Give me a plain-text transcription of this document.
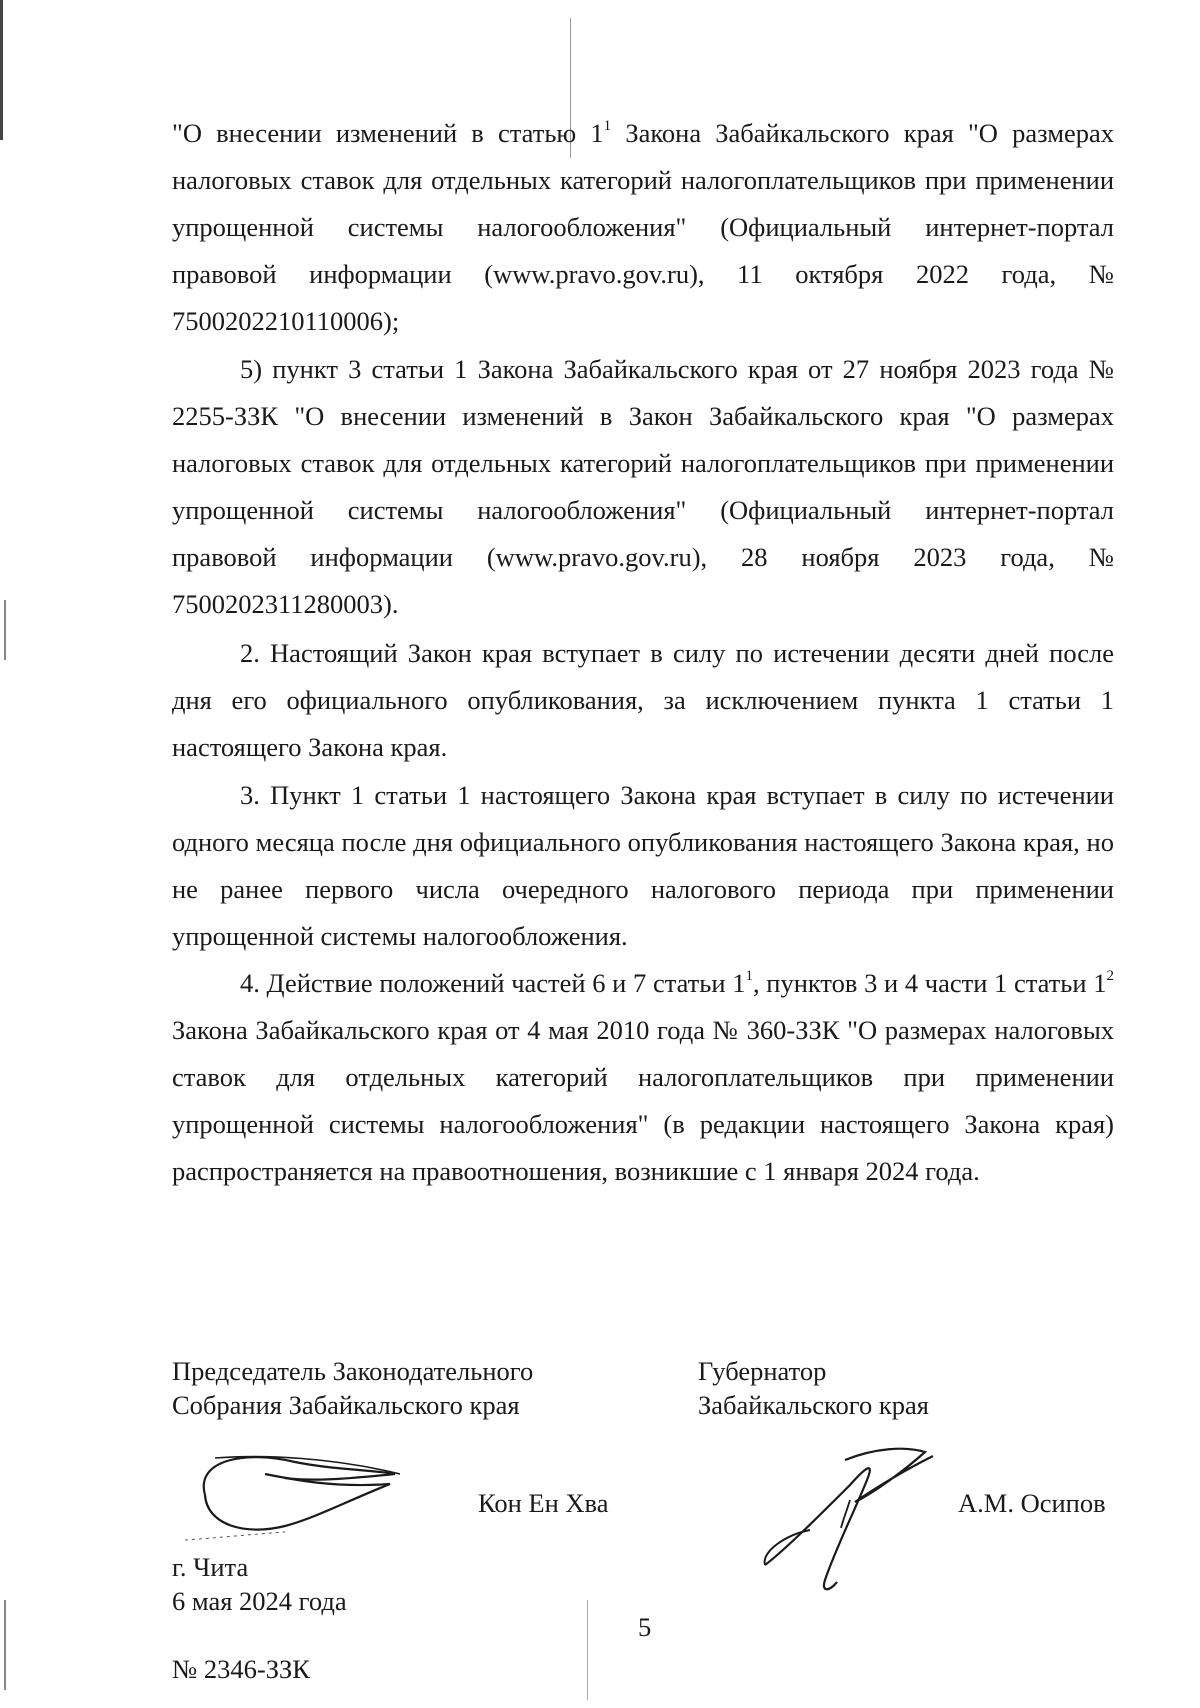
"О внесении изменений в статью $1^1$ Закона Забайкальского края "О размерах налоговых ставок для отдельных категорий налогоплательщиков при применении упрощенной системы налогообложения" (Официальный интернет-портал правовой информации (www.pravo.gov.ru), 11 октября 2022 года, № 7500202210110006);

5) пункт 3 статьи 1 Закона Забайкальского края от 27 ноября 2023 года № 2255-ЗЗК "О внесении изменений в Закон Забайкальского края "О размерах налоговых ставок для отдельных категорий налогоплательщиков при применении упрощенной системы налогообложения" (Официальный интернет-портал правовой информации (www.pravo.gov.ru), 28 ноября 2023 года, № 7500202311280003).

2. Настоящий Закон края вступает в силу по истечении десяти дней после дня его официального опубликования, за исключением пункта 1 статьи 1 настоящего Закона края.

3. Пункт 1 статьи 1 настоящего Закона края вступает в силу по истечении одного месяца после дня официального опубликования настоящего Закона края, но не ранее первого числа очередного налогового периода при применении упрощенной системы налогообложения.

4. Действие положений частей 6 и 7 статьи $1^1$, пунктов 3 и 4 части 1 статьи $1^2$ Закона Забайкальского края от 4 мая 2010 года № 360-ЗЗК "О размерах налоговых ставок для отдельных категорий налогоплательщиков при применении упрощенной системы налогообложения" (в редакции настоящего Закона края) распространяется на правоотношения, возникшие с 1 января 2024 года.

Председатель Законодательного
Собрания Забайкальского края
Кон Ен Хва
Губернатор
Забайкальского края
А.М. Осипов
г. Чита
6 мая 2024 года
5
№ 2346-ЗЗК
